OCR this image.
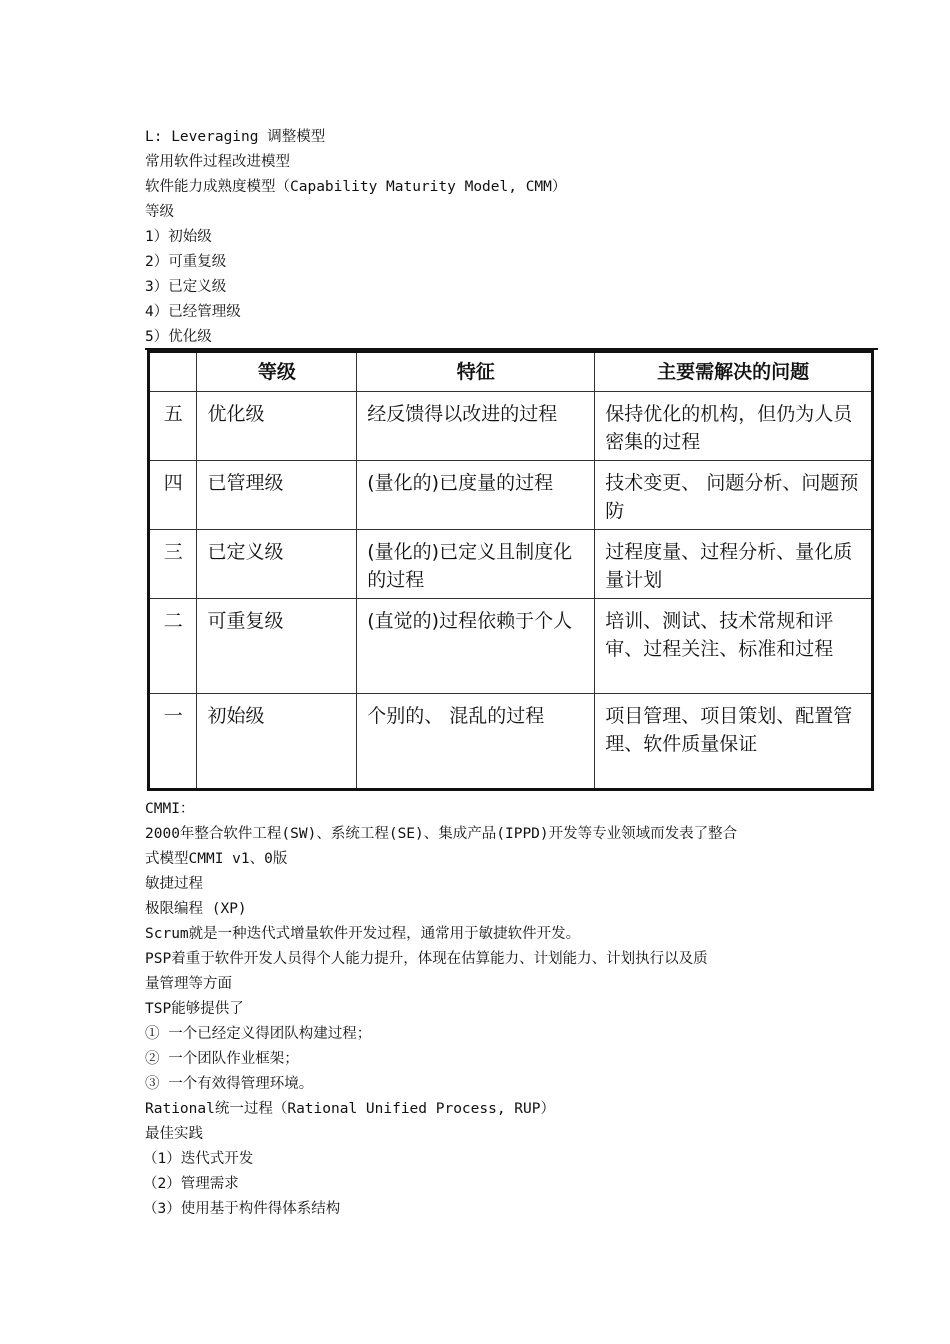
L: Leveraging 调整模型
常用软件过程改进模型
软件能力成熟度模型（Capability Maturity Model, CMM）
等级
1）初始级
2）可重复级
3）已定义级
4）已经管理级
5）优化级
	等级	特征	主要需解决的问题
五	优化级	经反馈得以改进的过程	保持优化的机构，但仍为人员密集的过程
四	已管理级	(量化的)已度量的过程	技术变更、 问题分析、问题预防
三	已定义级	(量化的)已定义且制度化的过程	过程度量、过程分析、量化质量计划
二	可重复级	(直觉的)过程依赖于个人	培训、测试、技术常规和评审、过程关注、标准和过程
一	初始级	个别的、 混乱的过程	项目管理、项目策划、配置管理、软件质量保证
CMMI：
2000年整合软件工程(SW)、系统工程(SE)、集成产品(IPPD)开发等专业领域而发表了整合
式模型CMMI v1、0版
敏捷过程
极限编程 (XP)
Scrum就是一种迭代式增量软件开发过程，通常用于敏捷软件开发。
PSP着重于软件开发人员得个人能力提升，体现在估算能力、计划能力、计划执行以及质
量管理等方面
TSP能够提供了
① 一个已经定义得团队构建过程；
② 一个团队作业框架；
③ 一个有效得管理环境。
Rational统一过程（Rational Unified Process, RUP）
最佳实践
（1）迭代式开发
（2）管理需求
（3）使用基于构件得体系结构
